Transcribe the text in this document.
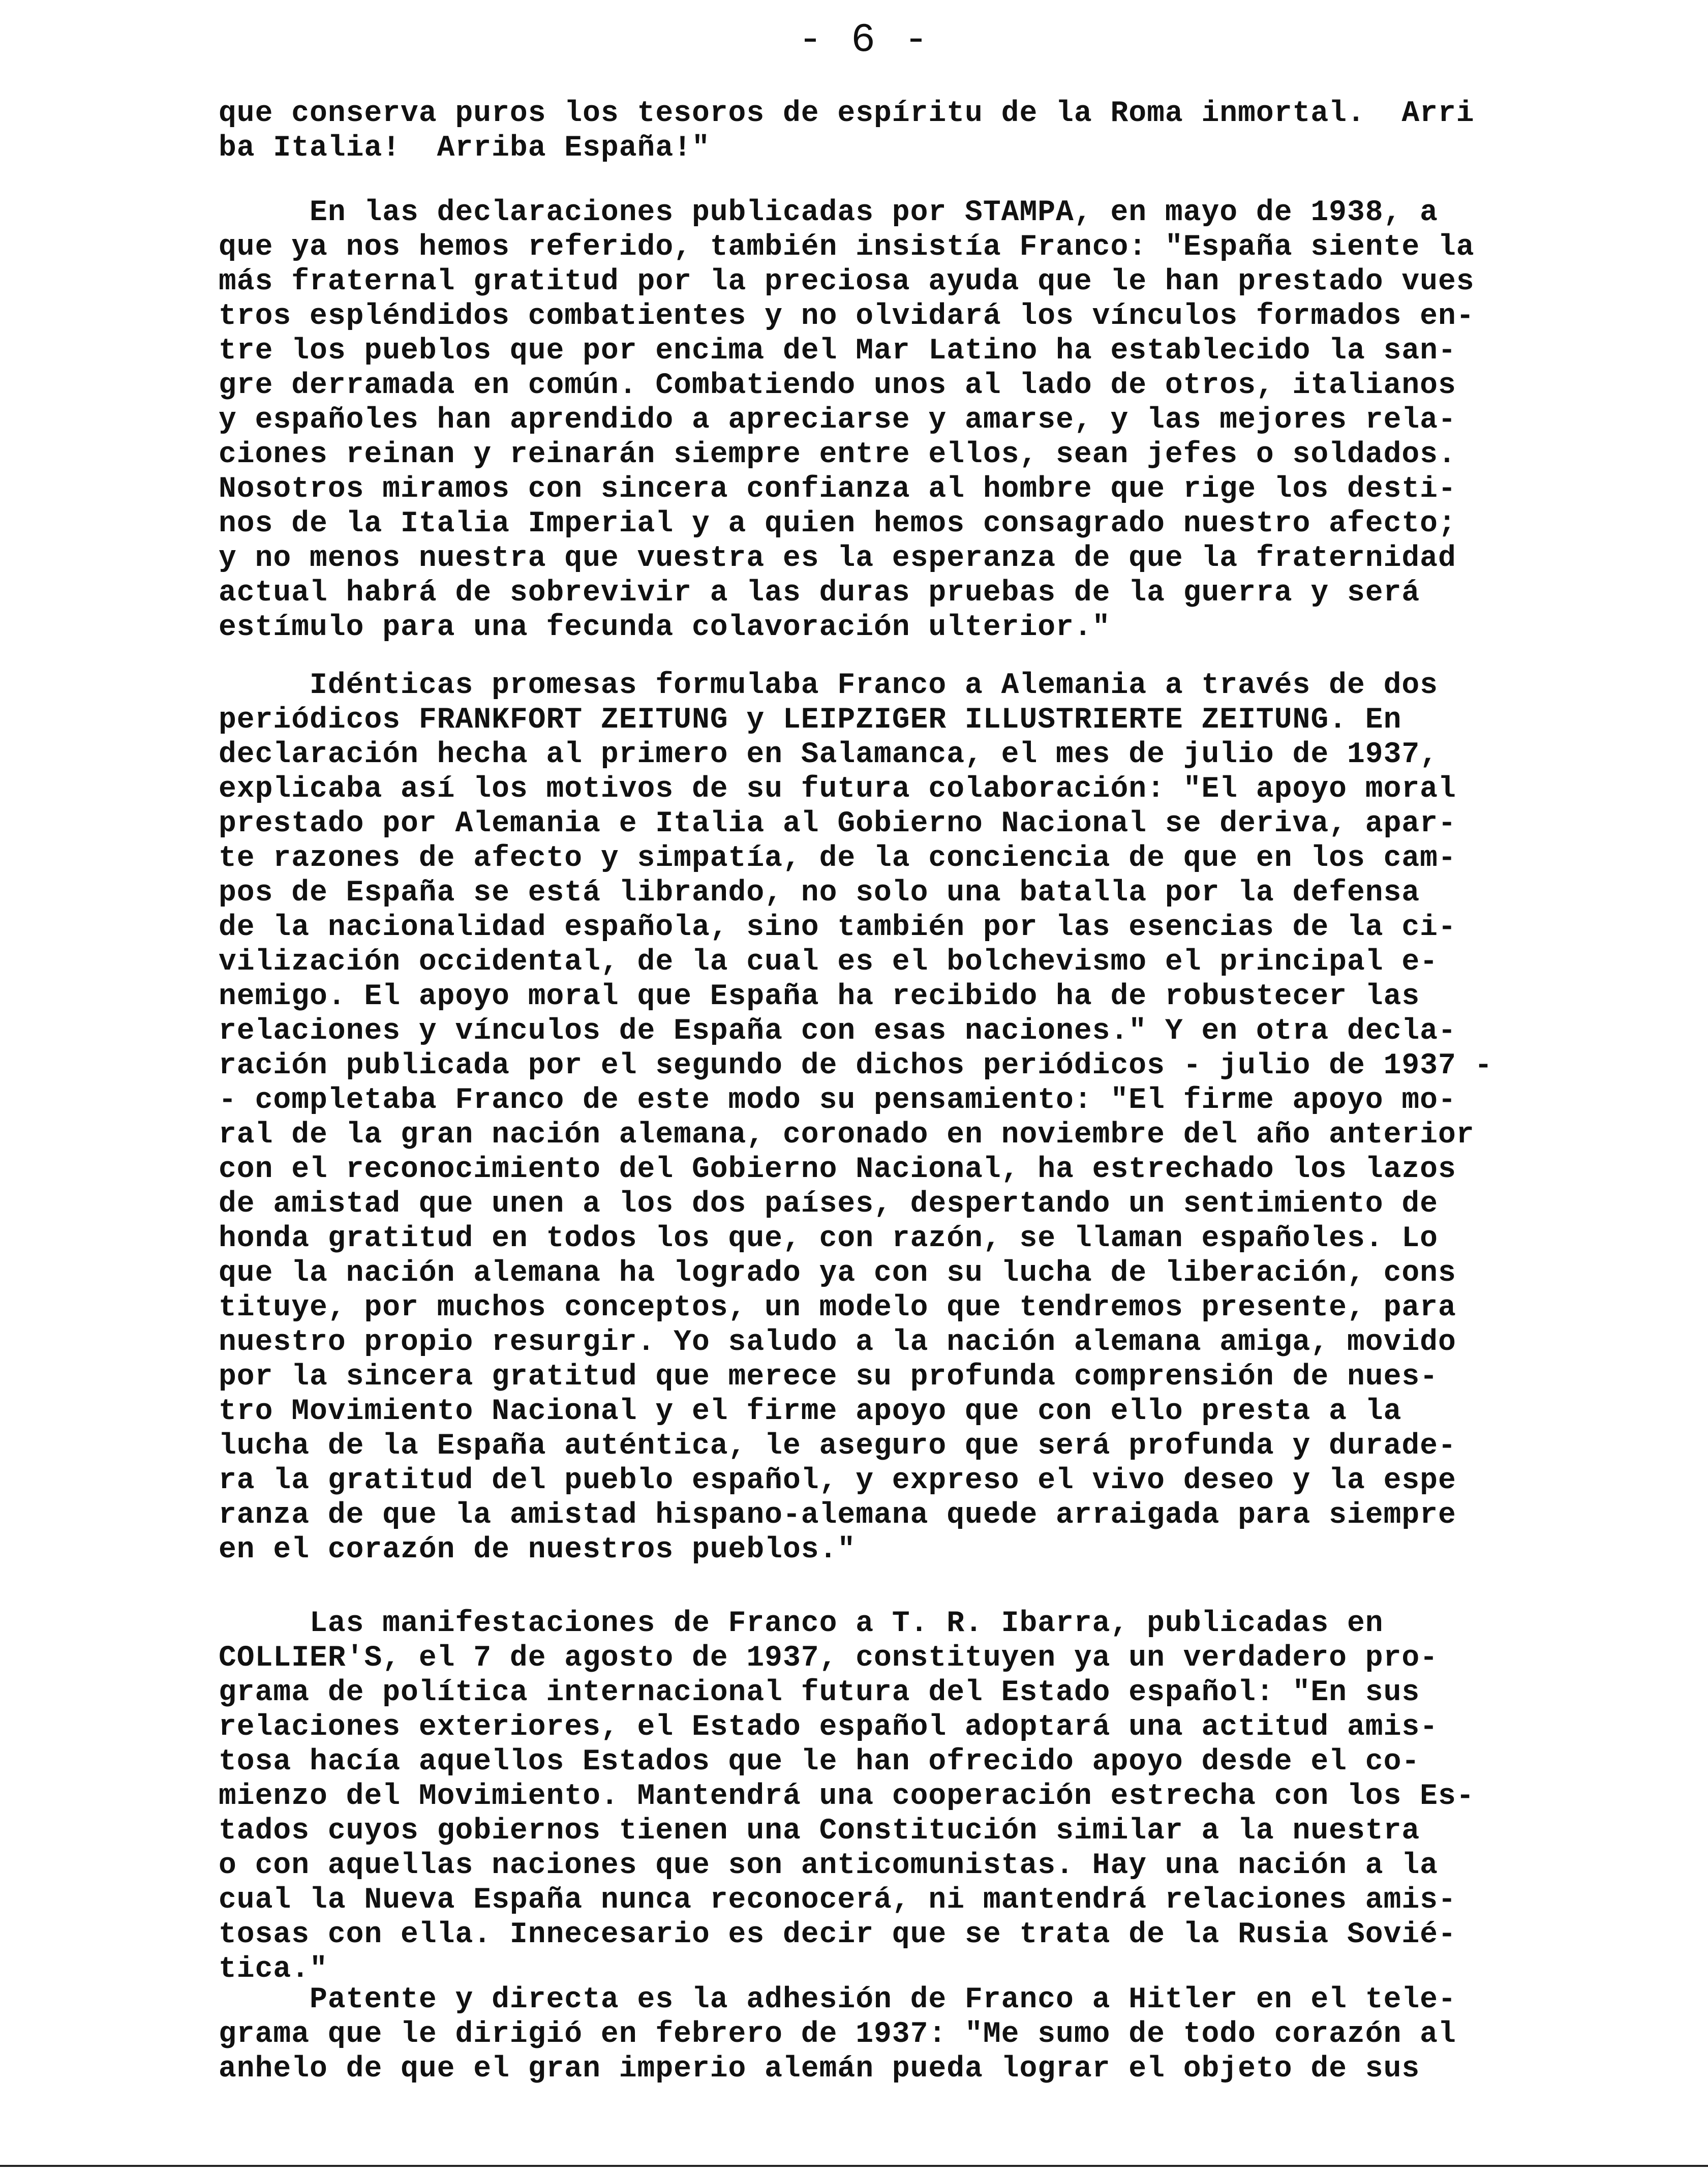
- 6 -
que conserva puros los tesoros de espíritu de la Roma inmortal.  Arri
ba Italia!  Arriba España!"
En las declaraciones publicadas por STAMPA, en mayo de 1938, a
que ya nos hemos referido, también insistía Franco: "España siente la
más fraternal gratitud por la preciosa ayuda que le han prestado vues
tros espléndidos combatientes y no olvidará los vínculos formados en-
tre los pueblos que por encima del Mar Latino ha establecido la san-
gre derramada en común. Combatiendo unos al lado de otros, italianos
y españoles han aprendido a apreciarse y amarse, y las mejores rela-
ciones reinan y reinarán siempre entre ellos, sean jefes o soldados.
Nosotros miramos con sincera confianza al hombre que rige los desti-
nos de la Italia Imperial y a quien hemos consagrado nuestro afecto;
y no menos nuestra que vuestra es la esperanza de que la fraternidad
actual habrá de sobrevivir a las duras pruebas de la guerra y será
estímulo para una fecunda colavoración ulterior."
Idénticas promesas formulaba Franco a Alemania a través de dos
periódicos FRANKFORT ZEITUNG y LEIPZIGER ILLUSTRIERTE ZEITUNG. En
declaración hecha al primero en Salamanca, el mes de julio de 1937,
explicaba así los motivos de su futura colaboración: "El apoyo moral
prestado por Alemania e Italia al Gobierno Nacional se deriva, apar-
te razones de afecto y simpatía, de la conciencia de que en los cam-
pos de España se está librando, no solo una batalla por la defensa
de la nacionalidad española, sino también por las esencias de la ci-
vilización occidental, de la cual es el bolchevismo el principal e-
nemigo. El apoyo moral que España ha recibido ha de robustecer las
relaciones y vínculos de España con esas naciones." Y en otra decla-
ración publicada por el segundo de dichos periódicos - julio de 1937 -
- completaba Franco de este modo su pensamiento: "El firme apoyo mo-
ral de la gran nación alemana, coronado en noviembre del año anterior
con el reconocimiento del Gobierno Nacional, ha estrechado los lazos
de amistad que unen a los dos países, despertando un sentimiento de
honda gratitud en todos los que, con razón, se llaman españoles. Lo
que la nación alemana ha logrado ya con su lucha de liberación, cons
tituye, por muchos conceptos, un modelo que tendremos presente, para
nuestro propio resurgir. Yo saludo a la nación alemana amiga, movido
por la sincera gratitud que merece su profunda comprensión de nues-
tro Movimiento Nacional y el firme apoyo que con ello presta a la
lucha de la España auténtica, le aseguro que será profunda y durade-
ra la gratitud del pueblo español, y expreso el vivo deseo y la espe
ranza de que la amistad hispano-alemana quede arraigada para siempre
en el corazón de nuestros pueblos."
Las manifestaciones de Franco a T. R. Ibarra, publicadas en
COLLIER'S, el 7 de agosto de 1937, constituyen ya un verdadero pro-
grama de política internacional futura del Estado español: "En sus
relaciones exteriores, el Estado español adoptará una actitud amis-
tosa hacía aquellos Estados que le han ofrecido apoyo desde el co-
mienzo del Movimiento. Mantendrá una cooperación estrecha con los Es-
tados cuyos gobiernos tienen una Constitución similar a la nuestra
o con aquellas naciones que son anticomunistas. Hay una nación a la
cual la Nueva España nunca reconocerá, ni mantendrá relaciones amis-
tosas con ella. Innecesario es decir que se trata de la Rusia Sovié-
tica."
Patente y directa es la adhesión de Franco a Hitler en el tele-
grama que le dirigió en febrero de 1937: "Me sumo de todo corazón al
anhelo de que el gran imperio alemán pueda lograr el objeto de sus
